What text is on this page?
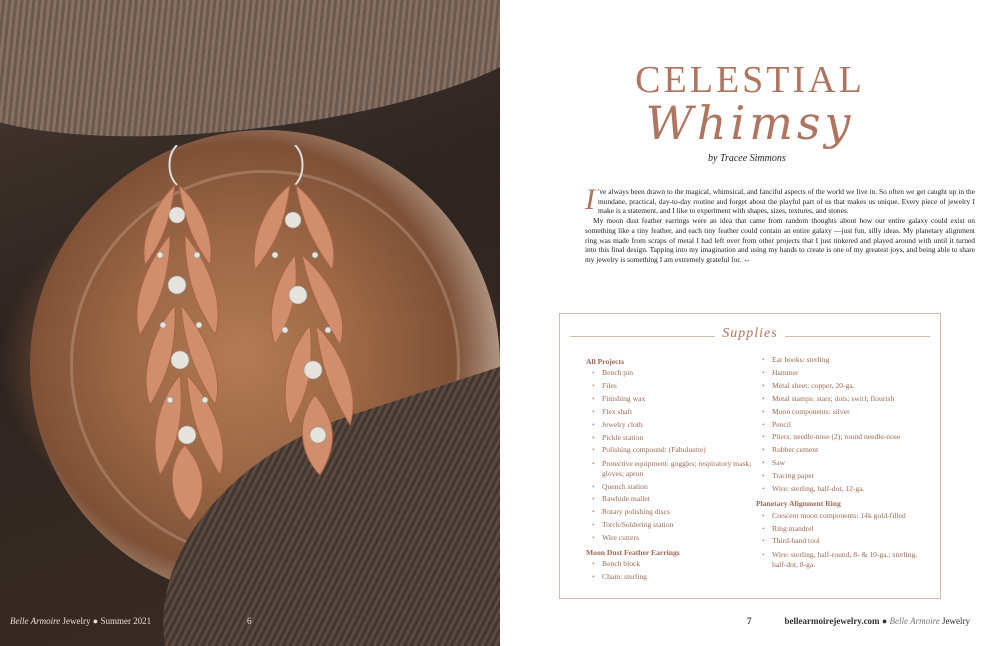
Belle Armoire Jewelry ● Summer 2021	6
CELESTIAL
Whimsy
by Tracee Simmons

I 've always been drawn to the magical, whimsical, and fanciful aspects of the world we live in. So often we get caught up in the mundane, practical, day-to-day routine and forget about the playful part of us that makes us unique. Every piece of jewelry I make is a statement, and I like to experiment with shapes, sizes, textures, and stones.

My moon dust feather earrings were an idea that came from random thoughts about how our entire galaxy could exist on something like a tiny feather, and each tiny feather could contain an entire galaxy —just fun, silly ideas. My planetary alignment ring was made from scraps of metal I had left over from other projects that I just tinkered and played around with until it turned into this final design. Tapping into my imagination and using my hands to create is one of my greatest joys, and being able to share my jewelry is something I am extremely grateful for. ↔

Supplies
All Projects
• Bench pin
• Files
• Finishing wax
• Flex shaft
• Jewelry cloth
• Pickle station
• Polishing compound: (Fabulustre)
• Protective equipment: goggles; respiratory mask; gloves; apron
• Quench station
• Rawhide mallet
• Rotary polishing discs
• Torch/Soldering station
• Wire cutters
Moon Dust Feather Earrings
• Bench block
• Chain: sterling
• Ear hooks: sterling
• Hammer
• Metal sheet: copper, 20-ga.
• Metal stamps: stars; dots; swirl; flourish
• Moon components: silver
• Pencil
• Pliers: needle-nose (2); round needle-nose
• Rubber cement
• Saw
• Tracing paper
• Wire: sterling, half-dot, 12-ga.
Planetary Alignment Ring
• Crescent moon components: 14k gold-filled
• Ring mandrel
• Third-hand tool
• Wire: sterling, half-round, 8- & 10-ga.; sterling, half-dot, 8-ga.
7	bellearmoirejewelry.com ● Belle Armoire Jewelry
